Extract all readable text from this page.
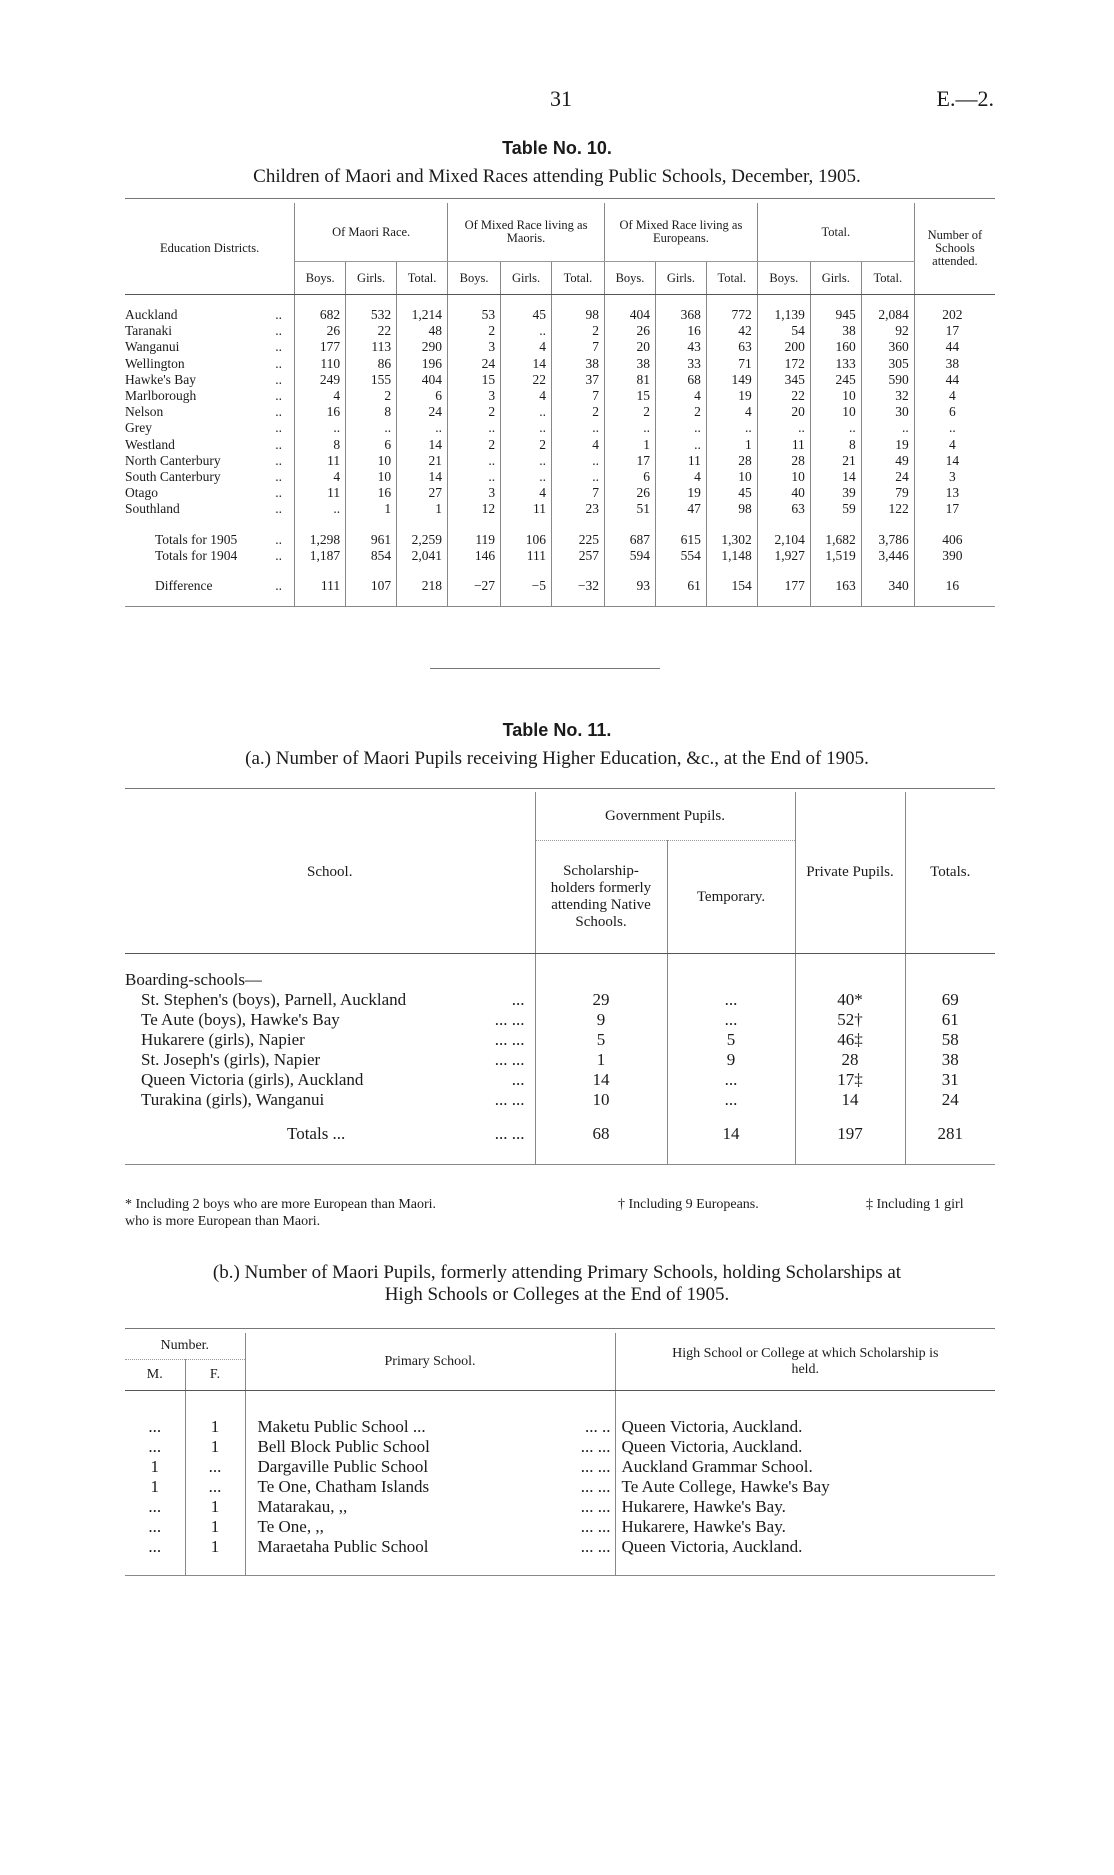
31	E.—2.
Table No. 10.
Children of Maori and Mixed Races attending Public Schools, December, 1905.
Education Districts.		Of Maori Race.			Of Mixed Race living as Maoris.			Of Mixed Race living as Europeans.			Total.			Number of Schools attended.
		Boys.	Girls.	Total.	Boys.	Girls.	Total.	Boys.	Girls.	Total.	Boys.	Girls.	Total.	

Auckland	..	682	532	1,214	53	45	98	404	368	772	1,139	945	2,084	202
Taranaki	..	26	22	48	2	..	2	26	16	42	54	38	92	17
Wanganui	..	177	113	290	3	4	7	20	43	63	200	160	360	44
Wellington	..	110	86	196	24	14	38	38	33	71	172	133	305	38
Hawke's Bay	..	249	155	404	15	22	37	81	68	149	345	245	590	44
Marlborough	..	4	2	6	3	4	7	15	4	19	22	10	32	4
Nelson	..	16	8	24	2	..	2	2	2	4	20	10	30	6
Grey	..	..	..	..	..	..	..	..	..	..	..	..	..	..
Westland	..	8	6	14	2	2	4	1	..	1	11	8	19	4
North Canterbury	..	11	10	21	..	..	..	17	11	28	28	21	49	14
South Canterbury	..	4	10	14	..	..	..	6	4	10	10	14	24	3
Otago	..	11	16	27	3	4	7	26	19	45	40	39	79	13
Southland	..	..	1	1	12	11	23	51	47	98	63	59	122	17

Totals for 1905	..	1,298	961	2,259	119	106	225	687	615	1,302	2,104	1,682	3,786	406
Totals for 1904	..	1,187	854	2,041	146	111	257	594	554	1,148	1,927	1,519	3,446	390

Difference	..	111	107	218	−27	−5	−32	93	61	154	177	163	340	16

Table No. 11.
(a.) Number of Maori Pupils receiving Higher Education, &c., at the End of 1905.
School.	Government Pupils.		Private Pupils.	Totals.
	Scholarship-holders formerly attending Native Schools.	Temporary.		

Boarding-schools—				
St. Stephen's (boys), Parnell, Auckland ...	29	...	40*	69
Te Aute (boys), Hawke's Bay ... ...	9	...	52†	61
Hukarere (girls), Napier ... ...	5	5	46‡	58
St. Joseph's (girls), Napier ... ...	1	9	28	38
Queen Victoria (girls), Auckland ...	14	...	17‡	31
Turakina (girls), Wanganui ... ...	10	...	14	24

Totals ... ... ...	68	14	197	281

* Including 2 boys who are more European than Maori.	† Including 9 Europeans.	‡ Including 1 girl
who is more European than Maori.
(b.) Number of Maori Pupils, formerly attending Primary Schools, holding Scholarships at
High Schools or Colleges at the End of 1905.
Number.		Primary School.		High School or College at which Scholarship is held.
M.	F.			

...	1	Maketu Public School ...	... ..	Queen Victoria, Auckland.
...	1	Bell Block Public School	... ...	Queen Victoria, Auckland.
1	...	Dargaville Public School	... ...	Auckland Grammar School.
1	...	Te One, Chatham Islands	... ...	Te Aute College, Hawke's Bay
...	1	Matarakau, ,,	... ...	Hukarere, Hawke's Bay.
...	1	Te One, ,,	... ...	Hukarere, Hawke's Bay.
...	1	Maraetaha Public School	... ...	Queen Victoria, Auckland.
